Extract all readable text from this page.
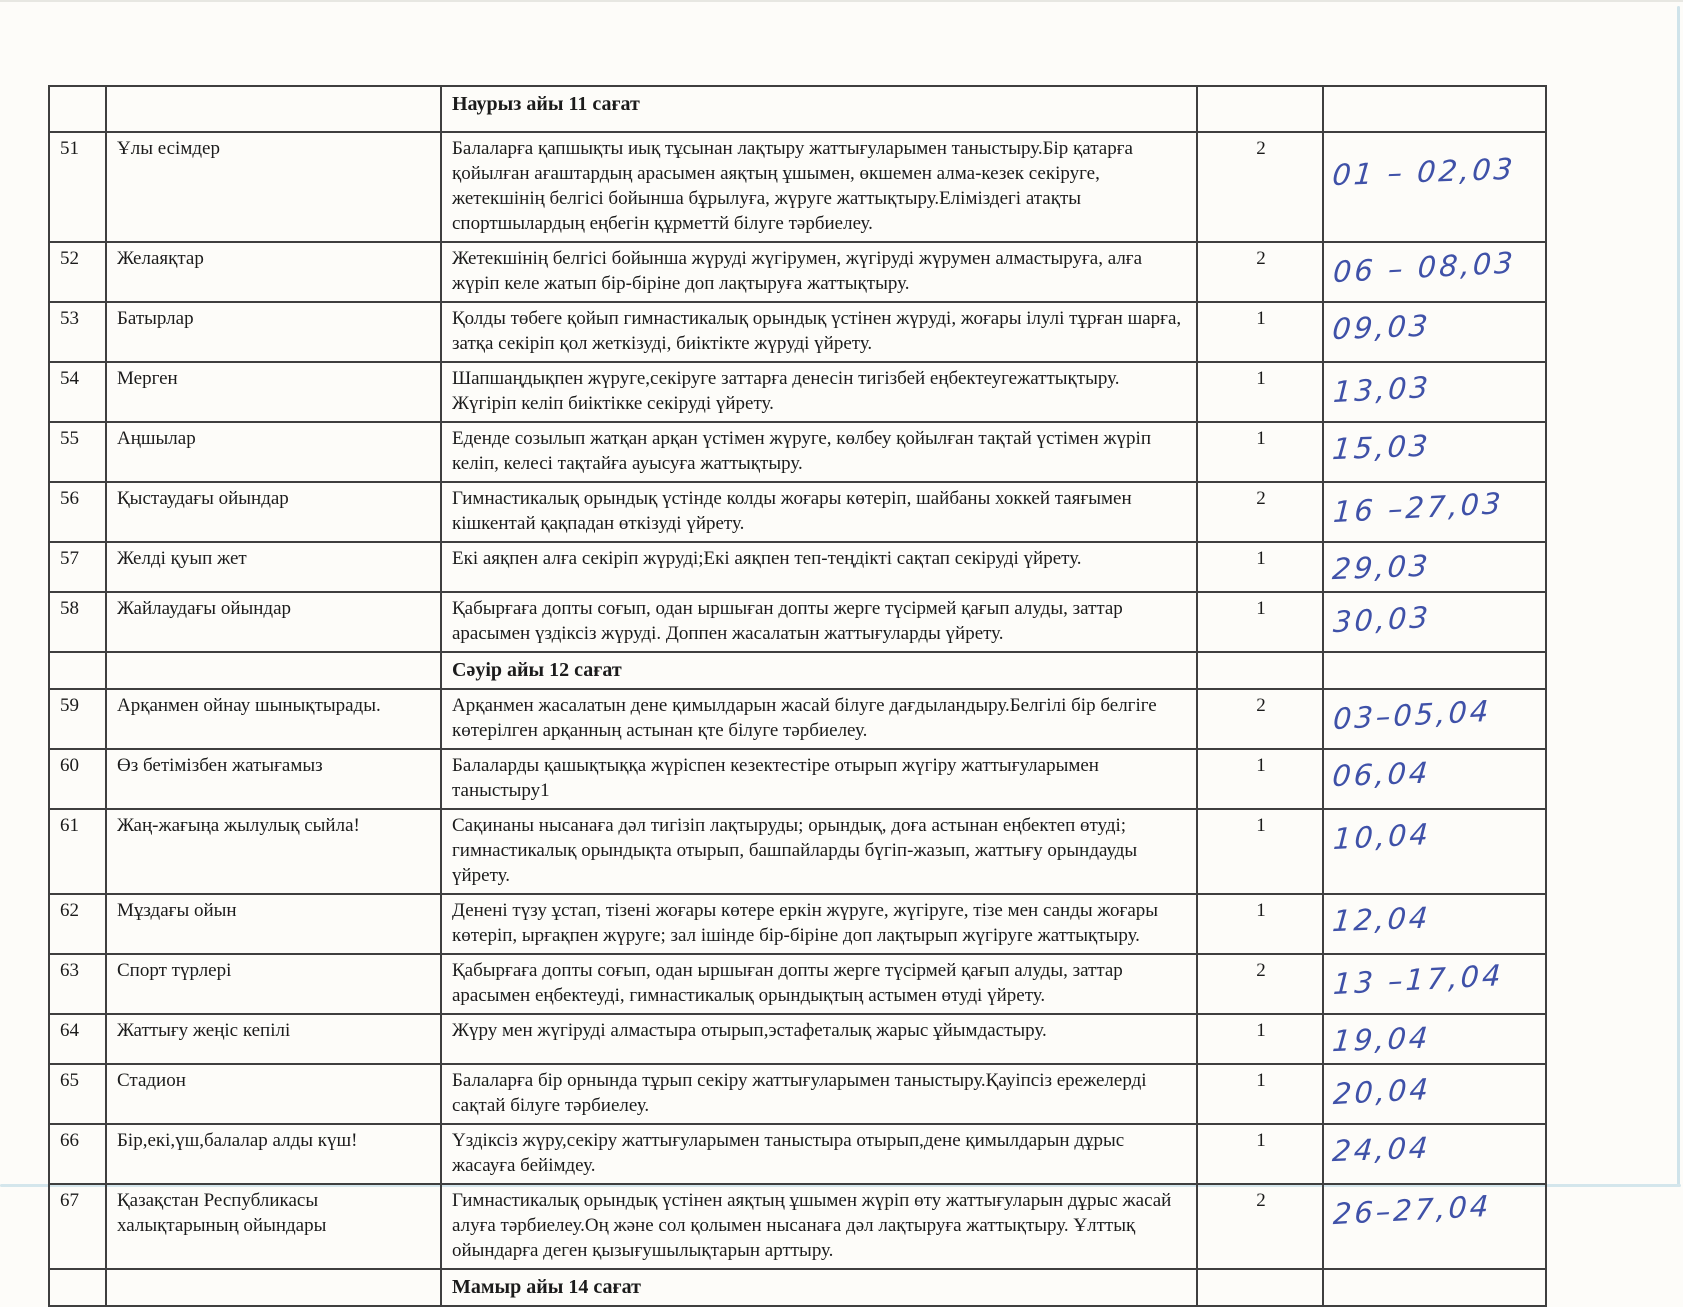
		Наурыз айы 11 сағат		
51	Ұлы есімдер	Балаларға қапшықты иық тұсынан лақтыру жаттығуларымен таныстыру.Бір қатарға қойылған ағаштардың арасымен аяқтың ұшымен, өкшемен алма-кезек секіруге, жетекшінің белгісі бойынша бұрылуға, жүруге жаттықтыру.Еліміздегі атақты спортшылардың еңбегін құрметтй білуге тәрбиелеу.	2	01 – 02,03
52	Желаяқтар	Жетекшінің белгісі бойынша жүруді жүгірумен, жүгіруді жүрумен алмастыруға, алға жүріп келе жатып бір-біріне доп лақтыруға жаттықтыру.	2	06 – 08,03
53	Батырлар	Қолды төбеге қойып гимнастикалық орындық үстінен жүруді, жоғары ілулі тұрған шарға, затқа секіріп қол жеткізуді, биіктікте жүруді үйрету.	1	09,03
54	Мерген	Шапшаңдықпен жүруге,секіруге заттарға денесін тигізбей еңбектеугежаттықтыру. Жүгіріп келіп биіктікке секіруді үйрету.	1	13,03
55	Аңшылар	Еденде созылып жатқан арқан үстімен жүруге, көлбеу қойылған тақтай үстімен жүріп келіп, келесі тақтайға ауысуға жаттықтыру.	1	15,03
56	Қыстаудағы ойындар	Гимнастикалық орындық үстінде колды жоғары көтеріп, шайбаны хоккей таяғымен кішкентай қақпадан өткізуді үйрету.	2	16 –27,03
57	Желді қуып жет	Екі аяқпен алға секіріп жүруді;Екі аяқпен теп-теңдікті сақтап секіруді үйрету.	1	29,03
58	Жайлаудағы ойындар	Қабырғаға допты соғып, одан ыршыған допты жерге түсірмей қағып алуды, заттар арасымен үздіксіз жүруді. Доппен жасалатын жаттығуларды үйрету.	1	30,03
		Сәуір айы 12 сағат		
59	Арқанмен ойнау шынықтырады.	Арқанмен жасалатын дене қимылдарын жасай білуге дағдыландыру.Белгілі бір белгіге көтерілген арқанның астынан қте білуге тәрбиелеу.	2	03–05,04
60	Өз бетімізбен жатығамыз	Балаларды қашықтыққа жүріспен кезектестіре отырып жүгіру жаттығуларымен таныстыру1	1	06,04
61	Жаң-жағыңа жылулық сыйла!	Сақинаны нысанаға дәл тигізіп лақтыруды; орындық, доға астынан еңбектеп өтуді; гимнастикалық орындықта отырып, башпайларды бүгіп-жазып, жаттығу орындауды үйрету.	1	10,04
62	Мұздағы ойын	Денені түзу ұстап, тізені жоғары көтере еркін жүруге, жүгіруге, тізе мен санды жоғары көтеріп, ырғақпен жүруге; зал ішінде бір-біріне доп лақтырып жүгіруге жаттықтыру.	1	12,04
63	Спорт түрлері	Қабырғаға допты соғып, одан ыршыған допты жерге түсірмей қағып алуды, заттар арасымен еңбектеуді, гимнастикалық орындықтың астымен өтуді үйрету.	2	13 –17,04
64	Жаттығу жеңіс кепілі	Жүру мен жүгіруді алмастыра отырып,эстафеталық жарыс ұйымдастыру.	1	19,04
65	Стадион	Балаларға бір орнында тұрып секіру жаттығуларымен таныстыру.Қауіпсіз ережелерді сақтай білуге тәрбиелеу.	1	20,04
66	Бір,екі,үш,балалар алды күш!	Үздіксіз жүру,секіру жаттығуларымен таныстыра отырып,дене қимылдарын дұрыс жасауға бейімдеу.	1	24,04
67	Қазақстан Республикасы халықтарының ойындары	Гимнастикалық орындық үстінен аяқтың ұшымен жүріп өту жаттығуларын дұрыс жасай алуға тәрбиелеу.Оң және сол қолымен нысанаға дәл лақтыруға жаттықтыру. Ұлттық ойындарға деген қызығушылықтарын арттыру.	2	26–27,04
		Мамыр айы 14 сағат		
